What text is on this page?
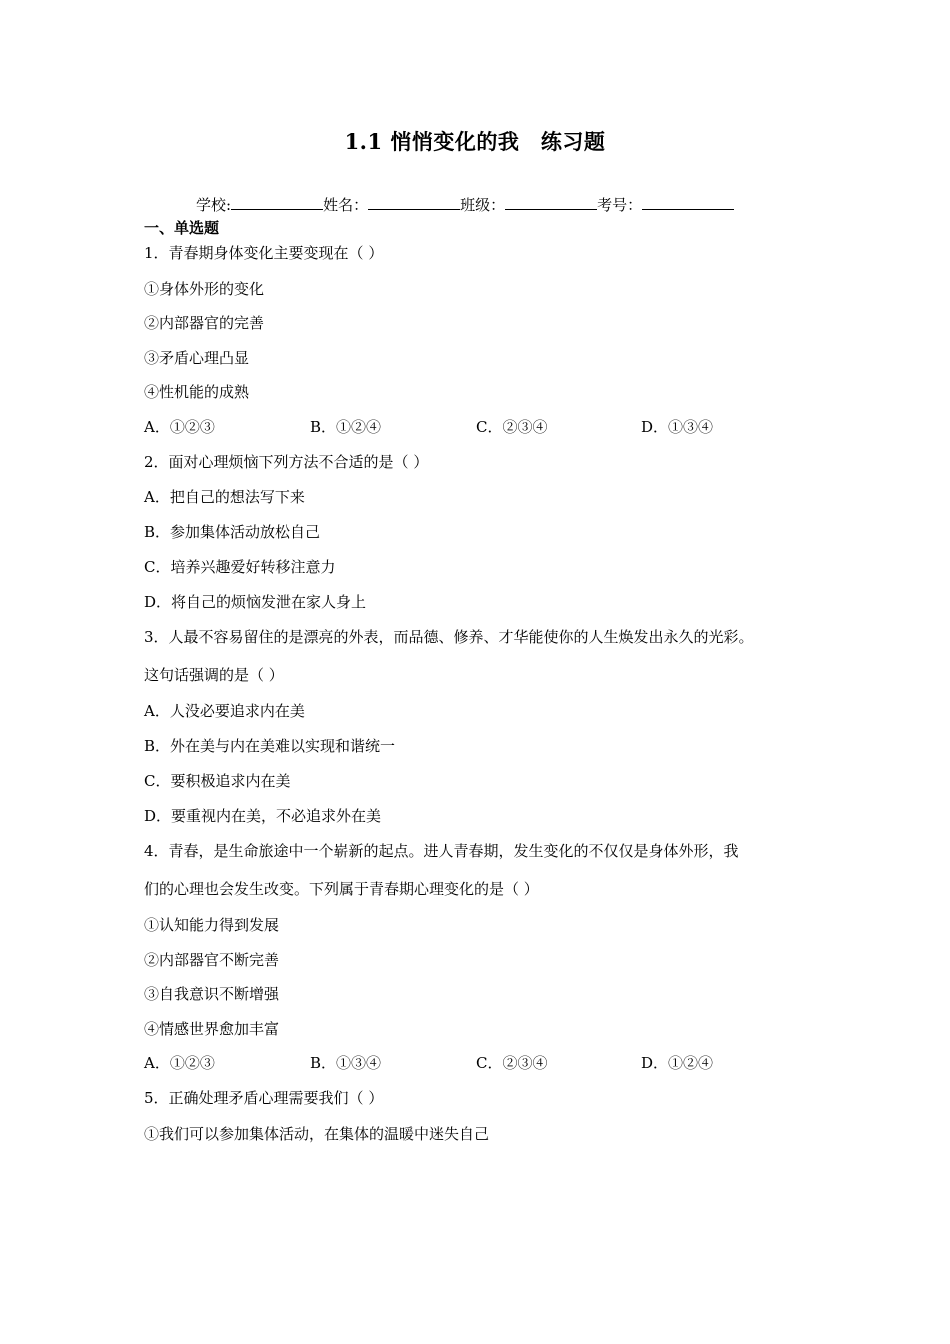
1.1 悄悄变化的我　练习题
学校:	姓名：	班级：	考号：
一、单选题
1．青春期身体变化主要变现在（ ）
①身体外形的变化
②内部器官的完善
③矛盾心理凸显
④性机能的成熟
A．①②③	B．①②④	C．②③④	D．①③④
2．面对心理烦恼下列方法不合适的是（ ）
A．把自己的想法写下来
B．参加集体活动放松自己
C．培养兴趣爱好转移注意力
D．将自己的烦恼发泄在家人身上
3．人最不容易留住的是漂亮的外表，而品德、修养、才华能使你的人生焕发出永久的光彩。
这句话强调的是（ ）
A．人没必要追求内在美
B．外在美与内在美难以实现和谐统一
C．要积极追求内在美
D．要重视内在美，不必追求外在美
4．青春，是生命旅途中一个崭新的起点。进人青春期，发生变化的不仅仅是身体外形，我
们的心理也会发生改变。下列属于青春期心理变化的是（ ）
①认知能力得到发展
②内部器官不断完善
③自我意识不断增强
④情感世界愈加丰富
A．①②③	B．①③④	C．②③④	D．①②④
5．正确处理矛盾心理需要我们（ ）
①我们可以参加集体活动，在集体的温暖中迷失自己
